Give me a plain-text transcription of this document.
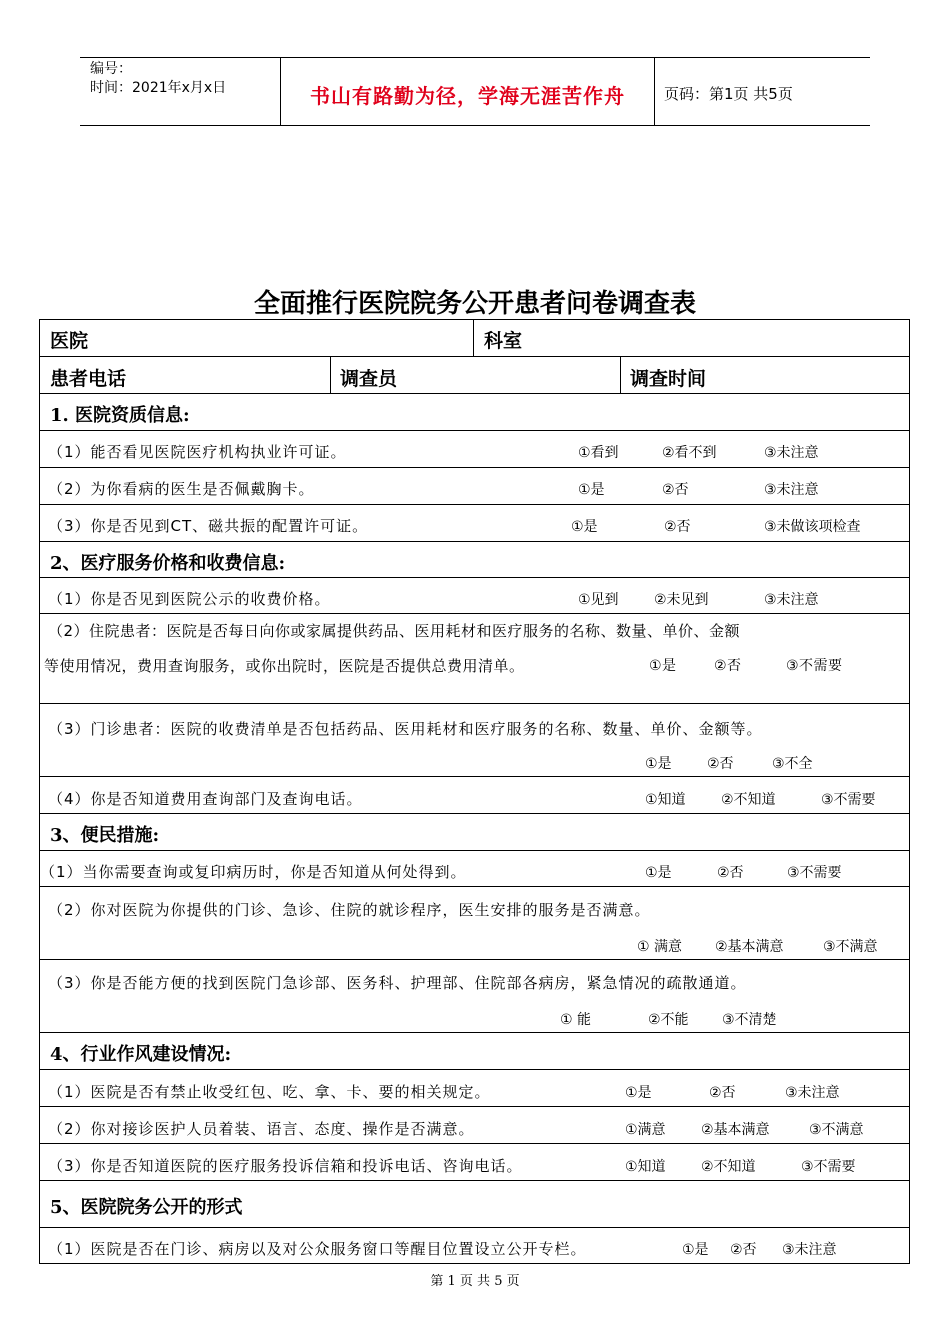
编号：
时间：2021年x月x日	书山有路勤为径，学海无涯苦作舟	页码：第1页 共5页
全面推行医院院务公开患者问卷调查表
医院	科室
患者电话	调查员	调查时间
1. 医院资质信息:
（1）能否看见医院医疗机构执业许可证。	①看到	②看不到	③未注意
（2）为你看病的医生是否佩戴胸卡。	①是	②否	③未注意
（3）你是否见到CT、磁共振的配置许可证。	①是	②否	③未做该项检查
2、医疗服务价格和收费信息:
（1）你是否见到医院公示的收费价格。	①见到	②未见到	③未注意
（2）住院患者：医院是否每日向你或家属提供药品、医用耗材和医疗服务的名称、数量、单价、金额
等使用情况，费用查询服务，或你出院时，医院是否提供总费用清单。	①是	②否	③不需要
（3）门诊患者：医院的收费清单是否包括药品、医用耗材和医疗服务的名称、数量、单价、金额等。
①是	②否	③不全
（4）你是否知道费用查询部门及查询电话。	①知道	②不知道	③不需要
3、便民措施:
（1）当你需要查询或复印病历时，你是否知道从何处得到。	①是	②否	③不需要
（2）你对医院为你提供的门诊、急诊、住院的就诊程序，医生安排的服务是否满意。
① 满意 ②基本满意	③不满意
（3）你是否能方便的找到医院门急诊部、医务科、护理部、住院部各病房，紧急情况的疏散通道。
① 能	②不能 ③不清楚
4、行业作风建设情况:
（1）医院是否有禁止收受红包、吃、拿、卡、要的相关规定。	①是	②否	③未注意
（2）你对接诊医护人员着装、语言、态度、操作是否满意。	①满意	②基本满意	③不满意
（3）你是否知道医院的医疗服务投诉信箱和投诉电话、咨询电话。	①知道	②不知道	③不需要
5、医院院务公开的形式
（1）医院是否在门诊、病房以及对公众服务窗口等醒目位置设立公开专栏。	①是 ②否 ③未注意
第 1 页 共 5 页
